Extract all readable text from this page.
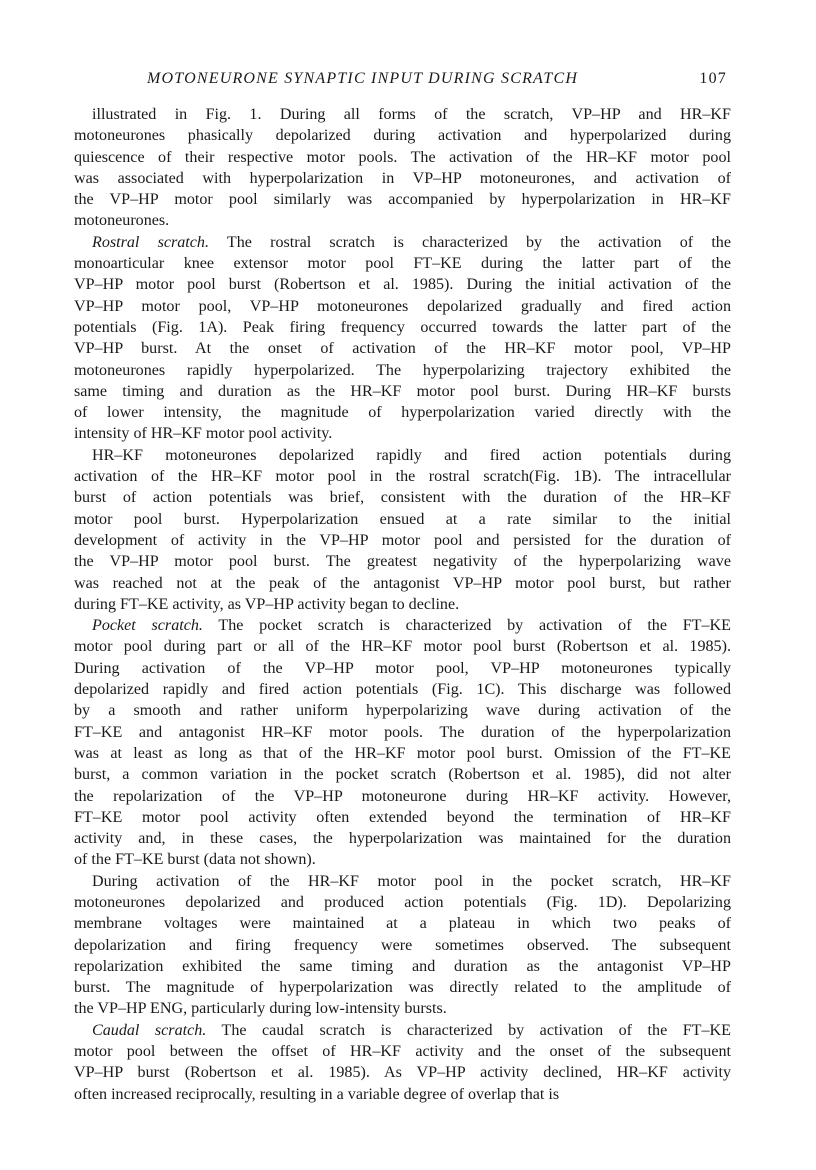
MOTONEURONE SYNAPTIC INPUT DURING SCRATCH	107

illustrated in Fig. 1. During all forms of the scratch, VP–HP and HR–KF
motoneurones phasically depolarized during activation and hyperpolarized during
quiescence of their respective motor pools. The activation of the HR–KF motor pool
was associated with hyperpolarization in VP–HP motoneurones, and activation of
the VP–HP motor pool similarly was accompanied by hyperpolarization in HR–KF
motoneurones.

Rostral scratch. The rostral scratch is characterized by the activation of the
monoarticular knee extensor motor pool FT–KE during the latter part of the
VP–HP motor pool burst (Robertson et al. 1985). During the initial activation of the
VP–HP motor pool, VP–HP motoneurones depolarized gradually and fired action
potentials (Fig. 1A). Peak firing frequency occurred towards the latter part of the
VP–HP burst. At the onset of activation of the HR–KF motor pool, VP–HP
motoneurones rapidly hyperpolarized. The hyperpolarizing trajectory exhibited the
same timing and duration as the HR–KF motor pool burst. During HR–KF bursts
of lower intensity, the magnitude of hyperpolarization varied directly with the
intensity of HR–KF motor pool activity.

HR–KF motoneurones depolarized rapidly and fired action potentials during
activation of the HR–KF motor pool in the rostral scratch(Fig. 1B). The intracellular
burst of action potentials was brief, consistent with the duration of the HR–KF
motor pool burst. Hyperpolarization ensued at a rate similar to the initial
development of activity in the VP–HP motor pool and persisted for the duration of
the VP–HP motor pool burst. The greatest negativity of the hyperpolarizing wave
was reached not at the peak of the antagonist VP–HP motor pool burst, but rather
during FT–KE activity, as VP–HP activity began to decline.

Pocket scratch. The pocket scratch is characterized by activation of the FT–KE
motor pool during part or all of the HR–KF motor pool burst (Robertson et al. 1985).
During activation of the VP–HP motor pool, VP–HP motoneurones typically
depolarized rapidly and fired action potentials (Fig. 1C). This discharge was followed
by a smooth and rather uniform hyperpolarizing wave during activation of the
FT–KE and antagonist HR–KF motor pools. The duration of the hyperpolarization
was at least as long as that of the HR–KF motor pool burst. Omission of the FT–KE
burst, a common variation in the pocket scratch (Robertson et al. 1985), did not alter
the repolarization of the VP–HP motoneurone during HR–KF activity. However,
FT–KE motor pool activity often extended beyond the termination of HR–KF
activity and, in these cases, the hyperpolarization was maintained for the duration
of the FT–KE burst (data not shown).

During activation of the HR–KF motor pool in the pocket scratch, HR–KF
motoneurones depolarized and produced action potentials (Fig. 1D). Depolarizing
membrane voltages were maintained at a plateau in which two peaks of
depolarization and firing frequency were sometimes observed. The subsequent
repolarization exhibited the same timing and duration as the antagonist VP–HP
burst. The magnitude of hyperpolarization was directly related to the amplitude of
the VP–HP ENG, particularly during low-intensity bursts.

Caudal scratch. The caudal scratch is characterized by activation of the FT–KE
motor pool between the offset of HR–KF activity and the onset of the subsequent
VP–HP burst (Robertson et al. 1985). As VP–HP activity declined, HR–KF activity
often increased reciprocally, resulting in a variable degree of overlap that is
